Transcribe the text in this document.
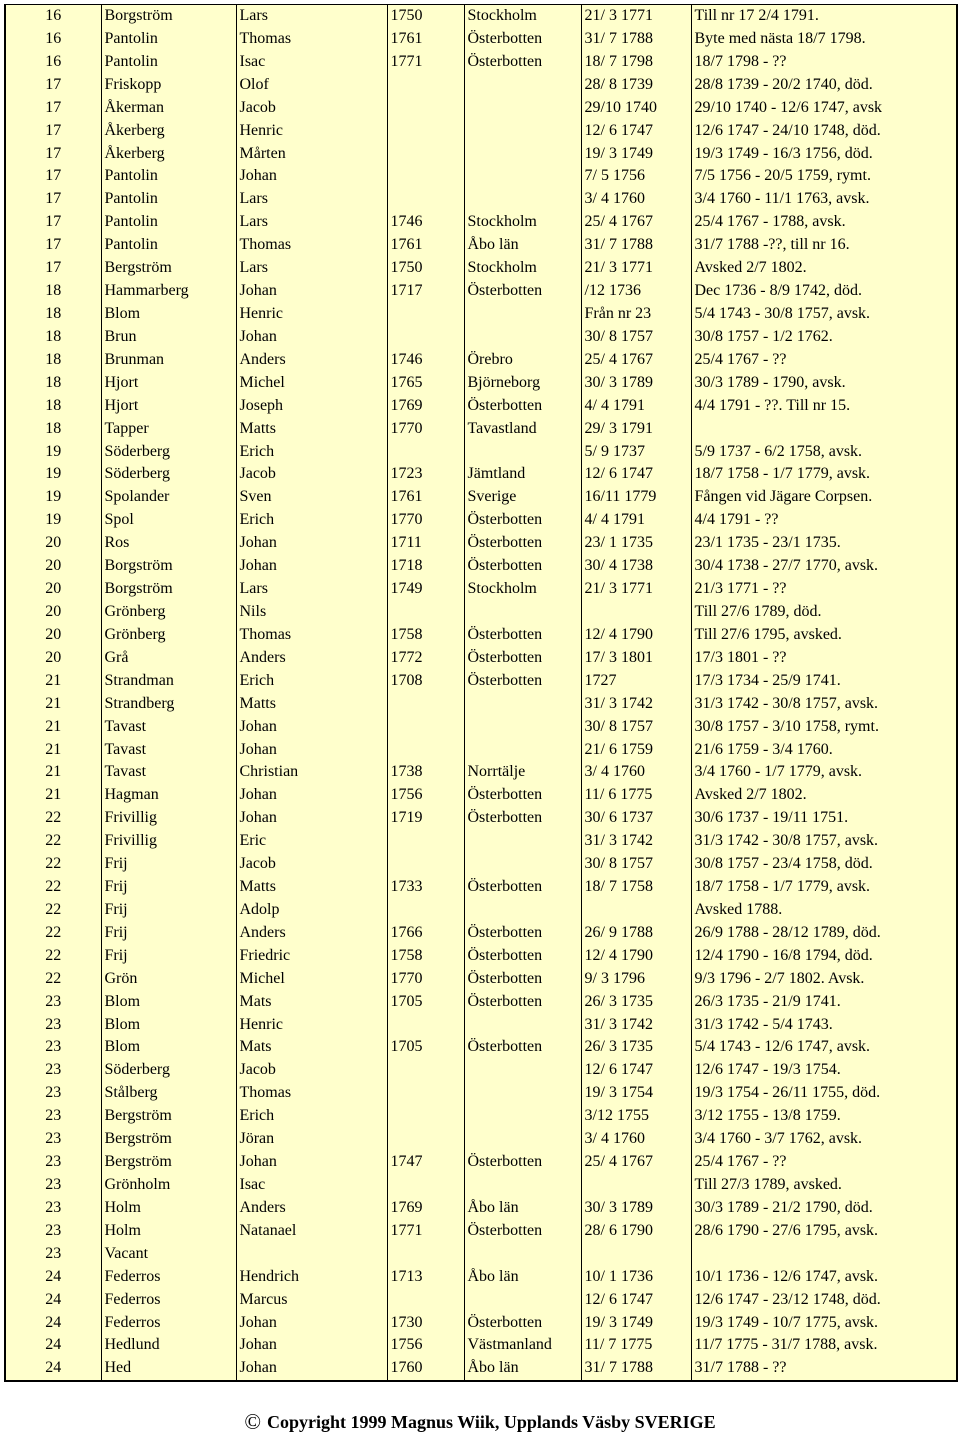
16	Borgström	Lars	1750	Stockholm	21/ 3 1771	Till nr 17 2/4 1791.
16	Pantolin	Thomas	1761	Österbotten	31/ 7 1788	Byte med nästa 18/7 1798.
16	Pantolin	Isac	1771	Österbotten	18/ 7 1798	18/7 1798 - ??
17	Friskopp	Olof			28/ 8 1739	28/8 1739 - 20/2 1740, död.
17	Åkerman	Jacob			29/10 1740	29/10 1740 - 12/6 1747, avsk
17	Åkerberg	Henric			12/ 6 1747	12/6 1747 - 24/10 1748, död.
17	Åkerberg	Mårten			19/ 3 1749	19/3 1749 - 16/3 1756, död.
17	Pantolin	Johan			7/ 5 1756	7/5 1756 - 20/5 1759, rymt.
17	Pantolin	Lars			3/ 4 1760	3/4 1760 - 11/1 1763, avsk.
17	Pantolin	Lars	1746	Stockholm	25/ 4 1767	25/4 1767 - 1788, avsk.
17	Pantolin	Thomas	1761	Åbo län	31/ 7 1788	31/7 1788 -??, till nr 16.
17	Bergström	Lars	1750	Stockholm	21/ 3 1771	Avsked 2/7 1802.
18	Hammarberg	Johan	1717	Österbotten	/12 1736	Dec 1736 - 8/9 1742, död.
18	Blom	Henric			Från nr 23	5/4 1743 - 30/8 1757, avsk.
18	Brun	Johan			30/ 8 1757	30/8 1757 - 1/2 1762.
18	Brunman	Anders	1746	Örebro	25/ 4 1767	25/4 1767 - ??
18	Hjort	Michel	1765	Björneborg	30/ 3 1789	30/3 1789 - 1790, avsk.
18	Hjort	Joseph	1769	Österbotten	4/ 4 1791	4/4 1791 - ??. Till nr 15.
18	Tapper	Matts	1770	Tavastland	29/ 3 1791	
19	Söderberg	Erich			5/ 9 1737	5/9 1737 - 6/2 1758, avsk.
19	Söderberg	Jacob	1723	Jämtland	12/ 6 1747	18/7 1758 - 1/7 1779, avsk.
19	Spolander	Sven	1761	Sverige	16/11 1779	Fången vid Jägare Corpsen.
19	Spol	Erich	1770	Österbotten	4/ 4 1791	4/4 1791 - ??
20	Ros	Johan	1711	Österbotten	23/ 1 1735	23/1 1735 - 23/1 1735.
20	Borgström	Johan	1718	Österbotten	30/ 4 1738	30/4 1738 - 27/7 1770, avsk.
20	Borgström	Lars	1749	Stockholm	21/ 3 1771	21/3 1771 - ??
20	Grönberg	Nils				Till 27/6 1789, död.
20	Grönberg	Thomas	1758	Österbotten	12/ 4 1790	Till 27/6 1795, avsked.
20	Grå	Anders	1772	Österbotten	17/ 3 1801	17/3 1801 - ??
21	Strandman	Erich	1708	Österbotten	1727	17/3 1734 - 25/9 1741.
21	Strandberg	Matts			31/ 3 1742	31/3 1742 - 30/8 1757, avsk.
21	Tavast	Johan			30/ 8 1757	30/8 1757 - 3/10 1758, rymt.
21	Tavast	Johan			21/ 6 1759	21/6 1759 - 3/4 1760.
21	Tavast	Christian	1738	Norrtälje	3/ 4 1760	3/4 1760 - 1/7 1779, avsk.
21	Hagman	Johan	1756	Österbotten	11/ 6 1775	Avsked 2/7 1802.
22	Frivillig	Johan	1719	Österbotten	30/ 6 1737	30/6 1737 - 19/11 1751.
22	Frivillig	Eric			31/ 3 1742	31/3 1742 - 30/8 1757, avsk.
22	Frij	Jacob			30/ 8 1757	30/8 1757 - 23/4 1758, död.
22	Frij	Matts	1733	Österbotten	18/ 7 1758	18/7 1758 - 1/7 1779, avsk.
22	Frij	Adolp				Avsked 1788.
22	Frij	Anders	1766	Österbotten	26/ 9 1788	26/9 1788 - 28/12 1789, död.
22	Frij	Friedric	1758	Österbotten	12/ 4 1790	12/4 1790 - 16/8 1794, död.
22	Grön	Michel	1770	Österbotten	9/ 3 1796	9/3 1796 - 2/7 1802. Avsk.
23	Blom	Mats	1705	Österbotten	26/ 3 1735	26/3 1735 - 21/9 1741.
23	Blom	Henric			31/ 3 1742	31/3 1742 - 5/4 1743.
23	Blom	Mats	1705	Österbotten	26/ 3 1735	5/4 1743 - 12/6 1747, avsk.
23	Söderberg	Jacob			12/ 6 1747	12/6 1747 - 19/3 1754.
23	Stålberg	Thomas			19/ 3 1754	19/3 1754 - 26/11 1755, död.
23	Bergström	Erich			3/12 1755	3/12 1755 - 13/8 1759.
23	Bergström	Jöran			3/ 4 1760	3/4 1760 - 3/7 1762, avsk.
23	Bergström	Johan	1747	Österbotten	25/ 4 1767	25/4 1767 - ??
23	Grönholm	Isac				Till 27/3 1789, avsked.
23	Holm	Anders	1769	Åbo län	30/ 3 1789	30/3 1789 - 21/2 1790, död.
23	Holm	Natanael	1771	Österbotten	28/ 6 1790	28/6 1790 - 27/6 1795, avsk.
23	Vacant					
24	Federros	Hendrich	1713	Åbo län	10/ 1 1736	10/1 1736 - 12/6 1747, avsk.
24	Federros	Marcus			12/ 6 1747	12/6 1747 - 23/12 1748, död.
24	Federros	Johan	1730	Österbotten	19/ 3 1749	19/3 1749 - 10/7 1775, avsk.
24	Hedlund	Johan	1756	Västmanland	11/ 7 1775	11/7 1775 - 31/7 1788, avsk.
24	Hed	Johan	1760	Åbo län	31/ 7 1788	31/7 1788 - ??
© Copyright 1999 Magnus Wiik, Upplands Väsby SVERIGE
